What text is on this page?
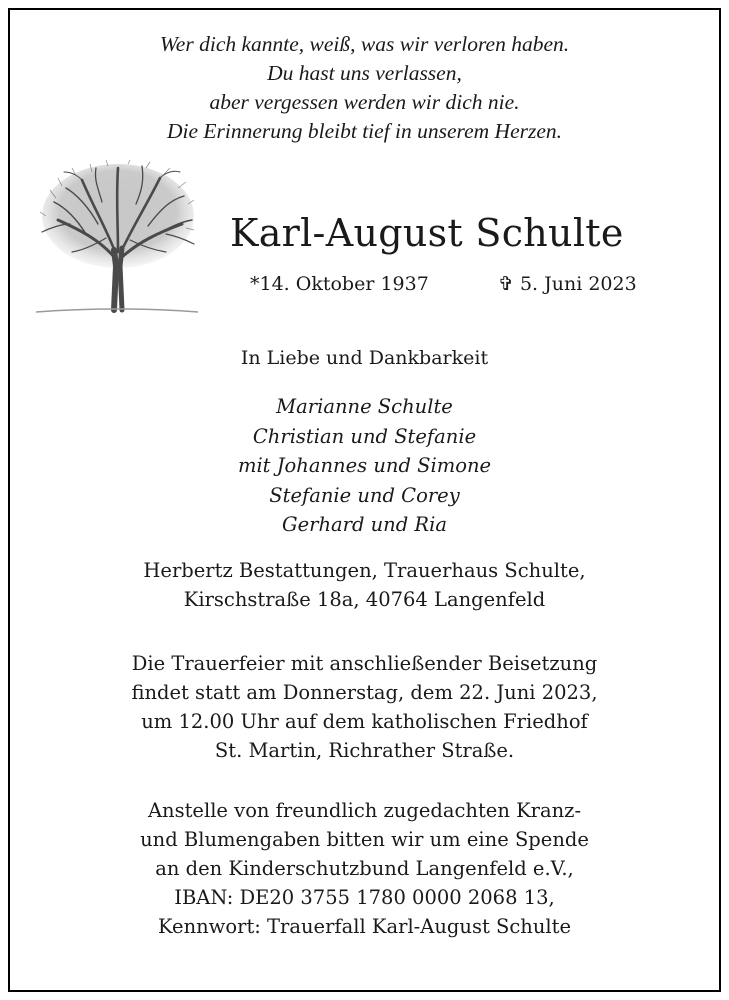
Wer dich kannte, weiß, was wir verloren haben.
Du hast uns verlassen,
aber vergessen werden wir dich nie.
Die Erinnerung bleibt tief in unserem Herzen.
Karl-August Schulte
*14. Oktober 1937	✞ 5. Juni 2023
In Liebe und Dankbarkeit
Marianne Schulte
Christian und Stefanie
mit Johannes und Simone
Stefanie und Corey
Gerhard und Ria
Herbertz Bestattungen, Trauerhaus Schulte,
Kirschstraße 18a, 40764 Langenfeld
Die Trauerfeier mit anschließender Beisetzung
findet statt am Donnerstag, dem 22. Juni 2023,
um 12.00 Uhr auf dem katholischen Friedhof
St. Martin, Richrather Straße.
Anstelle von freundlich zugedachten Kranz-
und Blumengaben bitten wir um eine Spende
an den Kinderschutzbund Langenfeld e.V.,
IBAN: DE20 3755 1780 0000 2068 13,
Kennwort: Trauerfall Karl-August Schulte
